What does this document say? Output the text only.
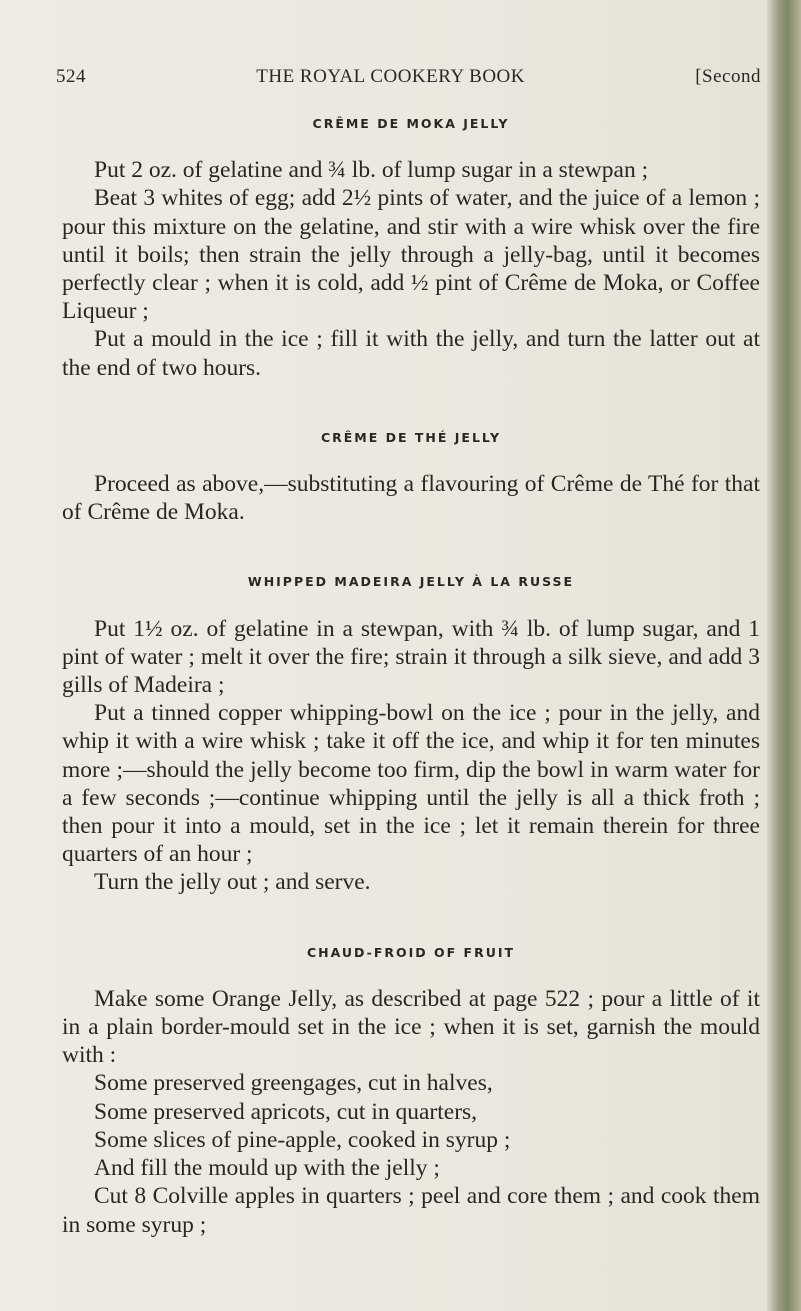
524	THE ROYAL COOKERY BOOK	[Second
CRÊME DE MOKA JELLY

Put 2 oz. of gelatine and ¾ lb. of lump sugar in a stewpan ;

Beat 3 whites of egg; add 2½ pints of water, and the juice of a lemon ; pour this mixture on the gelatine, and stir with a wire whisk over the fire until it boils; then strain the jelly through a jelly-bag, until it becomes perfectly clear ; when it is cold, add ½ pint of Crême de Moka, or Coffee Liqueur ;

Put a mould in the ice ; fill it with the jelly, and turn the latter out at the end of two hours.

CRÊME DE THÉ JELLY

Proceed as above,—substituting a flavouring of Crême de Thé for that of Crême de Moka.

WHIPPED MADEIRA JELLY À LA RUSSE

Put 1½ oz. of gelatine in a stewpan, with ¾ lb. of lump sugar, and 1 pint of water ; melt it over the fire; strain it through a silk sieve, and add 3 gills of Madeira ;

Put a tinned copper whipping-bowl on the ice ; pour in the jelly, and whip it with a wire whisk ; take it off the ice, and whip it for ten minutes more ;—should the jelly become too firm, dip the bowl in warm water for a few seconds ;—continue whipping until the jelly is all a thick froth ; then pour it into a mould, set in the ice ; let it remain therein for three quarters of an hour ;

Turn the jelly out ; and serve.

CHAUD-FROID OF FRUIT

Make some Orange Jelly, as described at page 522 ; pour a little of it in a plain border-mould set in the ice ; when it is set, garnish the mould with :

Some preserved greengages, cut in halves,

Some preserved apricots, cut in quarters,

Some slices of pine-apple, cooked in syrup ;

And fill the mould up with the jelly ;

Cut 8 Colville apples in quarters ; peel and core them ; and cook them in some syrup ;
